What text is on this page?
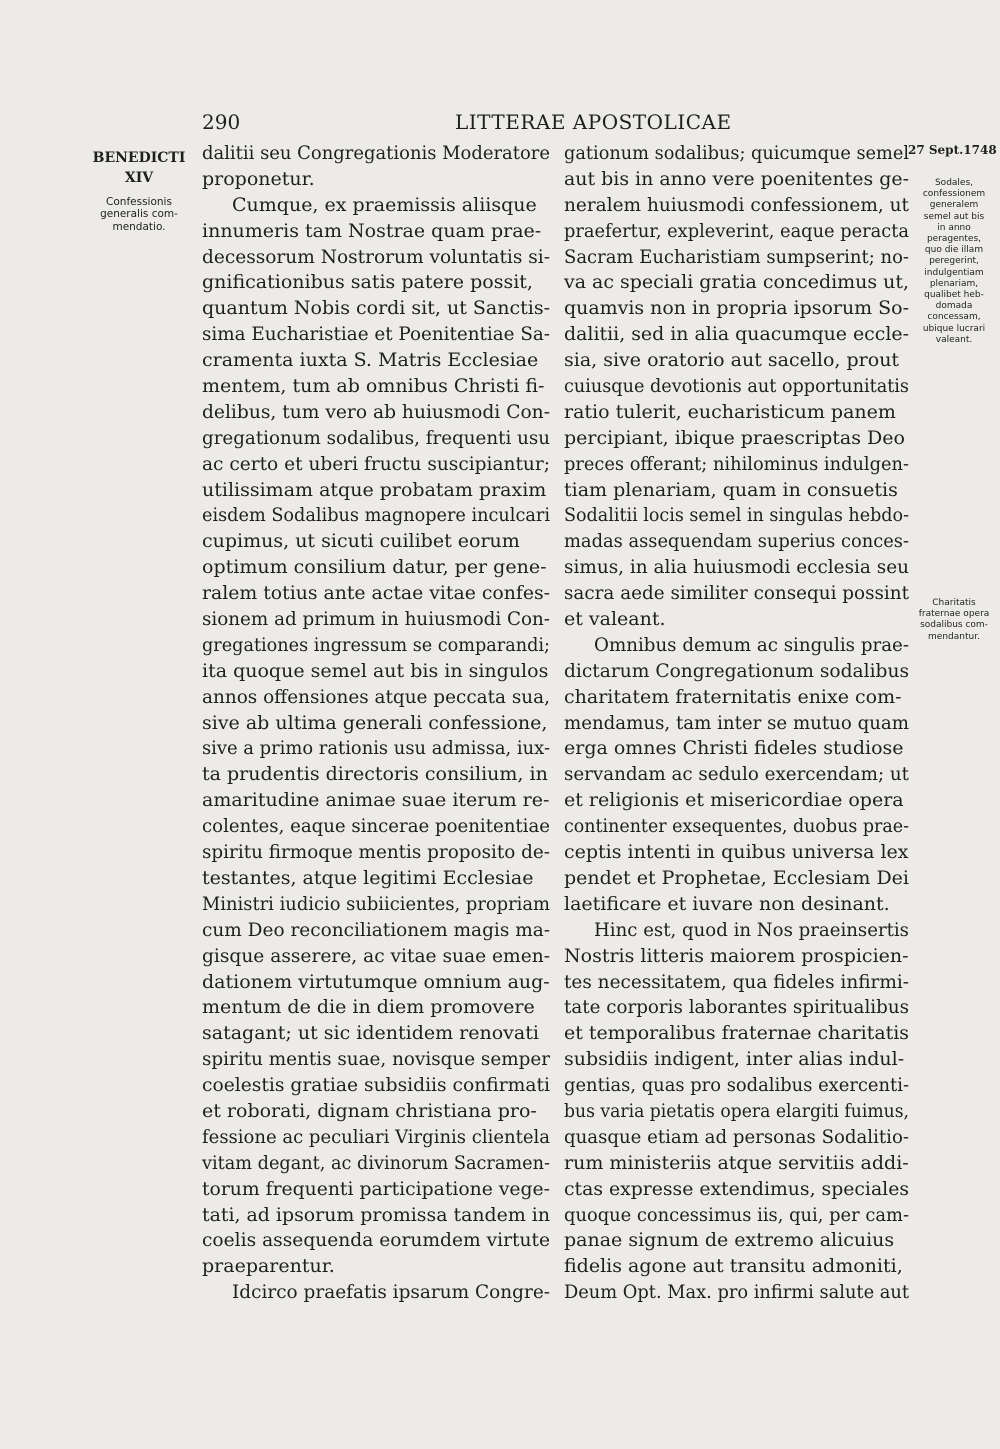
290	LITTERAE APOSTOLICAE
BENEDICTI
XIV
Confessionis
generalis com-
mendatio.
27 Sept.1748
Sodales,
confessionem
generalem
semel aut bis
in anno
peragentes,
quo die illam
peregerint,
indulgentiam
plenariam,
qualibet heb-
domada
concessam,
ubique lucrari
valeant.
Charitatis
fraternae opera
sodalibus com-
mendantur.
dalitii seu Congregationis Moderatore
proponetur.
Cumque, ex praemissis aliisque
innumeris tam Nostrae quam prae-
decessorum Nostrorum voluntatis si-
gnificationibus satis patere possit,
quantum Nobis cordi sit, ut Sanctis-
sima Eucharistiae et Poenitentiae Sa-
cramenta iuxta S. Matris Ecclesiae
mentem, tum ab omnibus Christi fi-
delibus, tum vero ab huiusmodi Con-
gregationum sodalibus, frequenti usu
ac certo et uberi fructu suscipiantur;
utilissimam atque probatam praxim
eisdem Sodalibus magnopere inculcari
cupimus, ut sicuti cuilibet eorum
optimum consilium datur, per gene-
ralem totius ante actae vitae confes-
sionem ad primum in huiusmodi Con-
gregationes ingressum se comparandi;
ita quoque semel aut bis in singulos
annos offensiones atque peccata sua,
sive ab ultima generali confessione,
sive a primo rationis usu admissa, iux-
ta prudentis directoris consilium, in
amaritudine animae suae iterum re-
colentes, eaque sincerae poenitentiae
spiritu firmoque mentis proposito de-
testantes, atque legitimi Ecclesiae
Ministri iudicio subiicientes, propriam
cum Deo reconciliationem magis ma-
gisque asserere, ac vitae suae emen-
dationem virtutumque omnium aug-
mentum de die in diem promovere
satagant; ut sic identidem renovati
spiritu mentis suae, novisque semper
coelestis gratiae subsidiis confirmati
et roborati, dignam christiana pro-
fessione ac peculiari Virginis clientela
vitam degant, ac divinorum Sacramen-
torum frequenti participatione vege-
tati, ad ipsorum promissa tandem in
coelis assequenda eorumdem virtute
praeparentur.
Idcirco praefatis ipsarum Congre-
gationum sodalibus; quicumque semel
aut bis in anno vere poenitentes ge-
neralem huiusmodi confessionem, ut
praefertur, expleverint, eaque peracta
Sacram Eucharistiam sumpserint; no-
va ac speciali gratia concedimus ut,
quamvis non in propria ipsorum So-
dalitii, sed in alia quacumque eccle-
sia, sive oratorio aut sacello, prout
cuiusque devotionis aut opportunitatis
ratio tulerit, eucharisticum panem
percipiant, ibique praescriptas Deo
preces offerant; nihilominus indulgen-
tiam plenariam, quam in consuetis
Sodalitii locis semel in singulas hebdo-
madas assequendam superius conces-
simus, in alia huiusmodi ecclesia seu
sacra aede similiter consequi possint
et valeant.
Omnibus demum ac singulis prae-
dictarum Congregationum sodalibus
charitatem fraternitatis enixe com-
mendamus, tam inter se mutuo quam
erga omnes Christi fideles studiose
servandam ac sedulo exercendam; ut
et religionis et misericordiae opera
continenter exsequentes, duobus prae-
ceptis intenti in quibus universa lex
pendet et Prophetae, Ecclesiam Dei
laetificare et iuvare non desinant.
Hinc est, quod in Nos praeinsertis
Nostris litteris maiorem prospicien-
tes necessitatem, qua fideles infirmi-
tate corporis laborantes spiritualibus
et temporalibus fraternae charitatis
subsidiis indigent, inter alias indul-
gentias, quas pro sodalibus exercenti-
bus varia pietatis opera elargiti fuimus,
quasque etiam ad personas Sodalitio-
rum ministeriis atque servitiis addi-
ctas expresse extendimus, speciales
quoque concessimus iis, qui, per cam-
panae signum de extremo alicuius
fidelis agone aut transitu admoniti,
Deum Opt. Max. pro infirmi salute aut
